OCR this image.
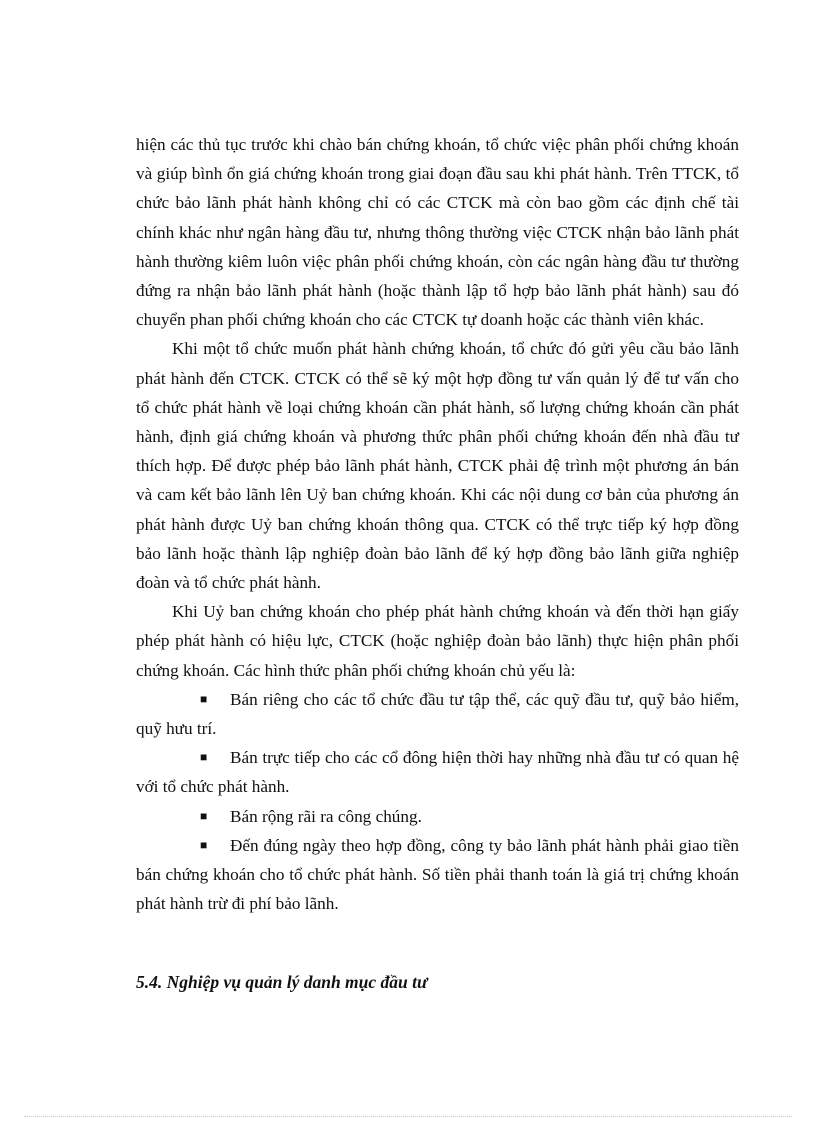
hiện các thủ tục trước khi chào bán chứng khoán, tổ chức việc phân phối chứng khoán và giúp bình ổn giá chứng khoán trong giai đoạn đầu sau khi phát hành. Trên TTCK, tổ chức bảo lãnh phát hành không chỉ có các CTCK mà còn bao gồm các định chế tài chính khác như ngân hàng đầu tư, nhưng thông thường việc CTCK nhận bảo lãnh phát hành thường kiêm luôn việc phân phối chứng khoán, còn các ngân hàng đầu tư thường đứng ra nhận bảo lãnh phát hành (hoặc thành lập tổ hợp bảo lãnh phát hành) sau đó chuyển phan phối chứng khoán cho các CTCK tự doanh hoặc các thành viên khác.

Khi một tổ chức muốn phát hành chứng khoán, tổ chức đó gửi yêu cầu bảo lãnh phát hành đến CTCK. CTCK có thể sẽ ký một hợp đồng tư vấn quản lý để tư vấn cho tổ chức phát hành về loại chứng khoán cần phát hành, số lượng chứng khoán cần phát hành, định giá chứng khoán và phương thức phân phối chứng khoán đến nhà đầu tư thích hợp. Để được phép bảo lãnh phát hành, CTCK phải đệ trình một phương án bán và cam kết bảo lãnh lên Uỷ ban chứng khoán. Khi các nội dung cơ bản của phương án phát hành được Uỷ ban chứng khoán thông qua. CTCK có thể trực tiếp ký hợp đồng bảo lãnh hoặc thành lập nghiệp đoàn bảo lãnh để ký hợp đồng bảo lãnh giữa nghiệp đoàn và tổ chức phát hành.

Khi Uỷ ban chứng khoán cho phép phát hành chứng khoán và đến thời hạn giấy phép phát hành có hiệu lực, CTCK (hoặc nghiệp đoàn bảo lãnh) thực hiện phân phối chứng khoán. Các hình thức phân phối chứng khoán chủ yếu là:

■ Bán riêng cho các tổ chức đầu tư tập thể, các quỹ đầu tư, quỹ bảo hiểm, quỹ hưu trí.

■ Bán trực tiếp cho các cổ đông hiện thời hay những nhà đầu tư có quan hệ với tổ chức phát hành.

■ Bán rộng rãi ra công chúng.

■ Đến đúng ngày theo hợp đồng, công ty bảo lãnh phát hành phải giao tiền bán chứng khoán cho tổ chức phát hành. Số tiền phải thanh toán là giá trị chứng khoán phát hành trừ đi phí bảo lãnh.

5.4. Nghiệp vụ quản lý danh mục đầu tư
